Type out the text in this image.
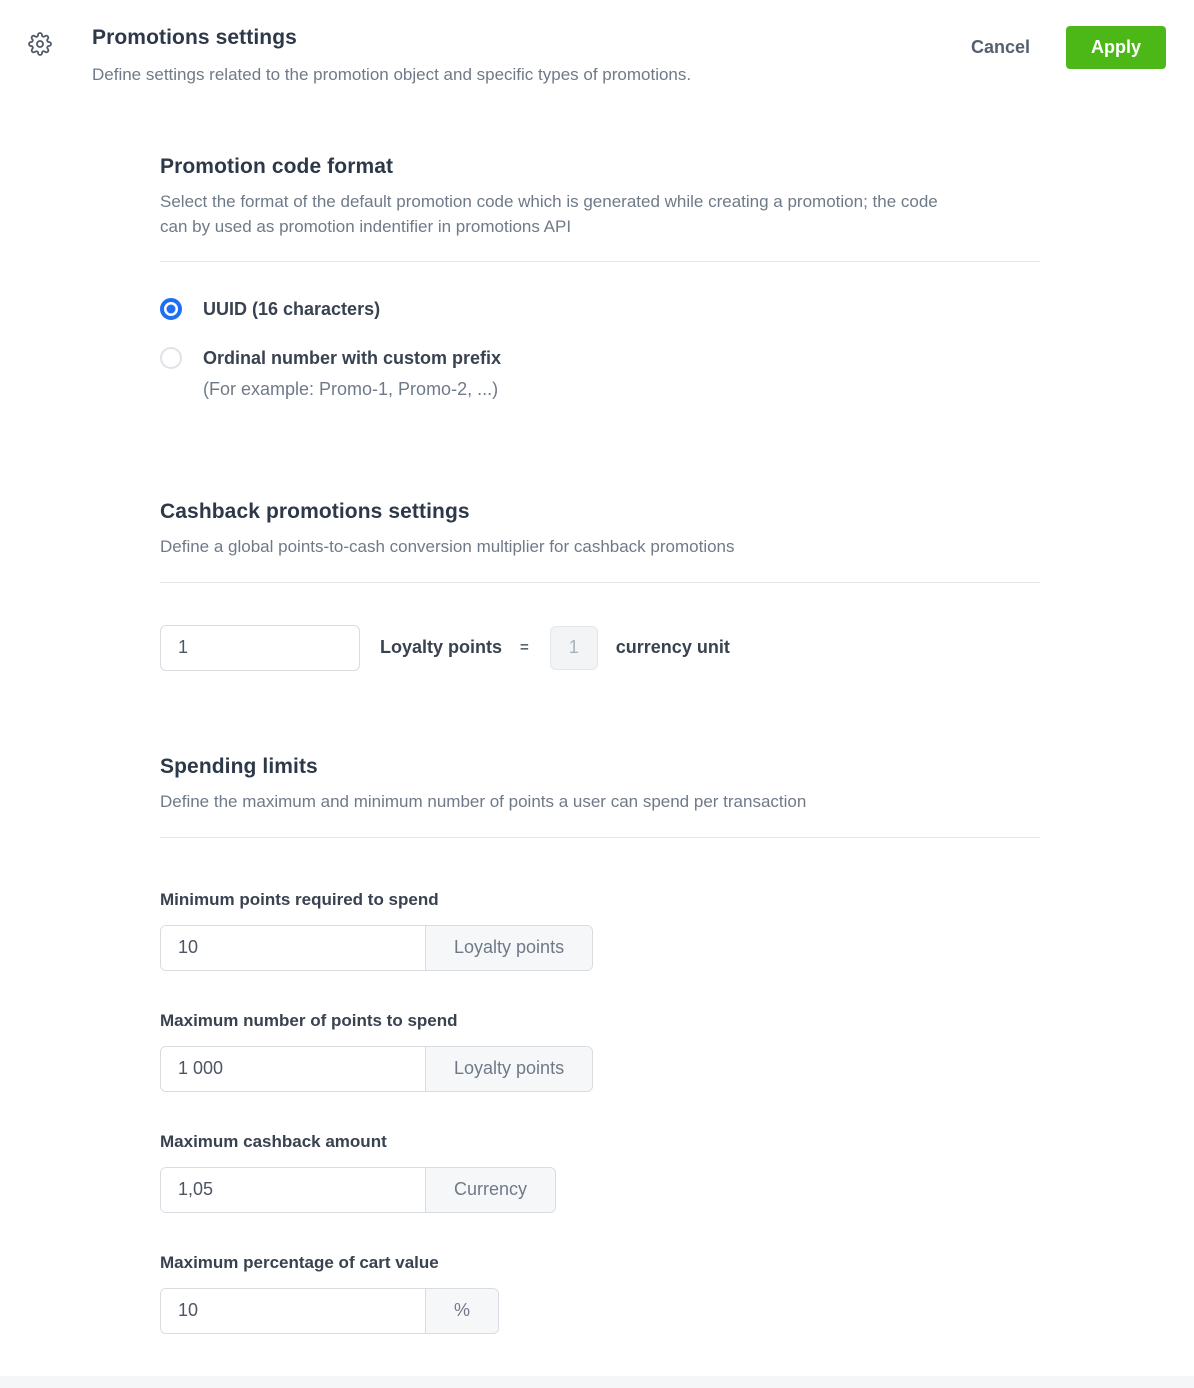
Promotions settings
Define settings related to the promotion object and specific types of promotions.
Cancel	Apply
Promotion code format

Select the format of the default promotion code which is generated while creating a promotion; the code can by used as promotion indentifier in promotions API

UUID (16 characters)
Ordinal number with custom prefix
(For example: Promo-1, Promo-2, ...)
Cashback promotions settings

Define a global points-to-cash conversion multiplier for cashback promotions

1
Loyalty points =
1	currency unit
Spending limits

Define the maximum and minimum number of points a user can spend per transaction

Minimum points required to spend
10
Loyalty points
Maximum number of points to spend
1 000
Loyalty points
Maximum cashback amount
1,05
Currency
Maximum percentage of cart value
10
%
